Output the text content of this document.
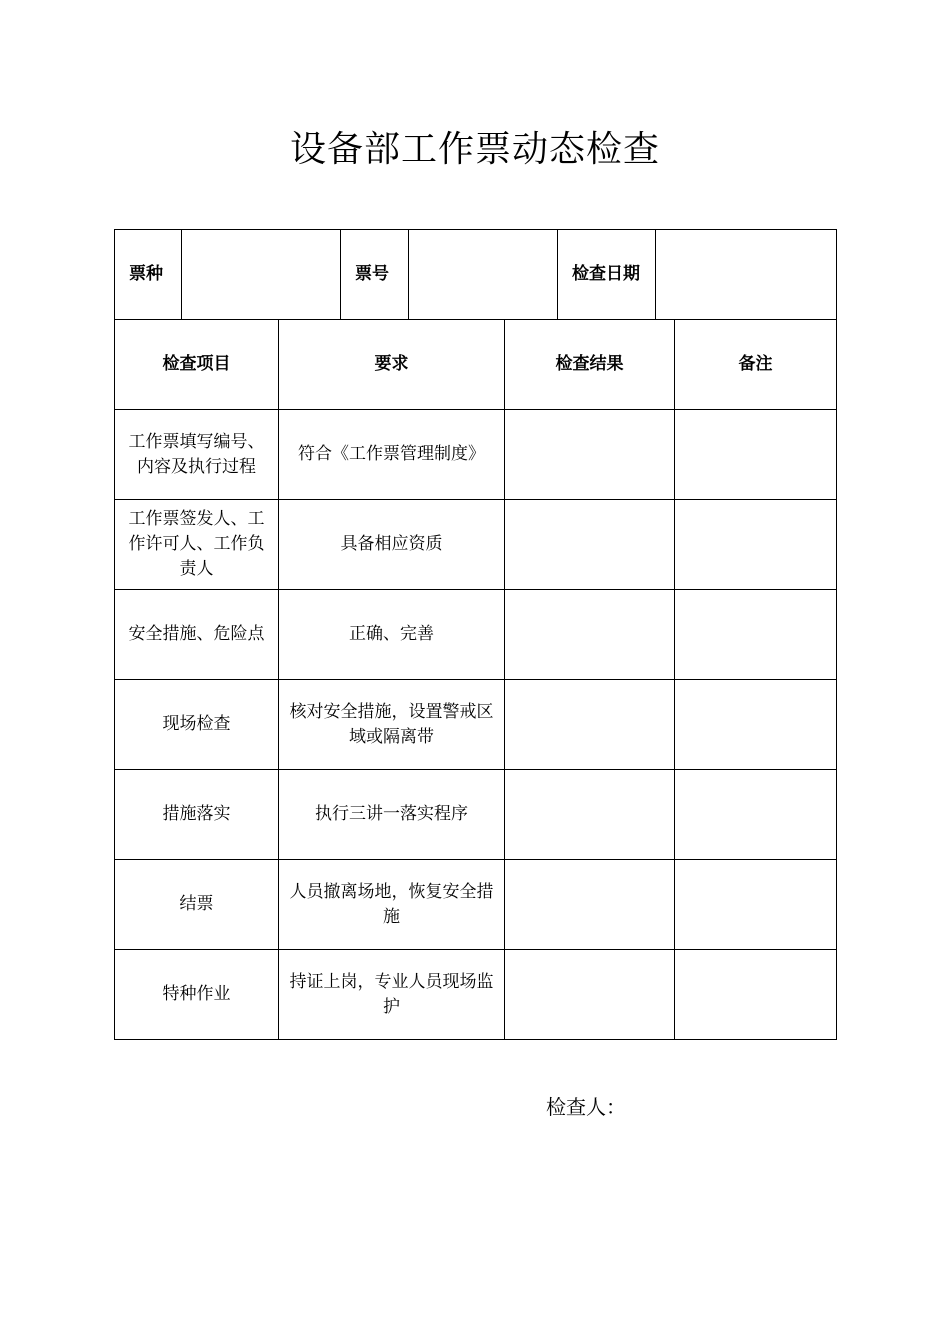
设备部工作票动态检查
票种		票号		检查日期	
检查项目	要求	检查结果	备注
工作票填写编号、内容及执行过程	符合《工作票管理制度》		
工作票签发人、工作许可人、工作负责人	具备相应资质		
安全措施、危险点	正确、完善		
现场检查	核对安全措施，设置警戒区域或隔离带		
措施落实	执行三讲一落实程序		
结票	人员撤离场地，恢复安全措施		
特种作业	持证上岗，专业人员现场监护		
检查人：
